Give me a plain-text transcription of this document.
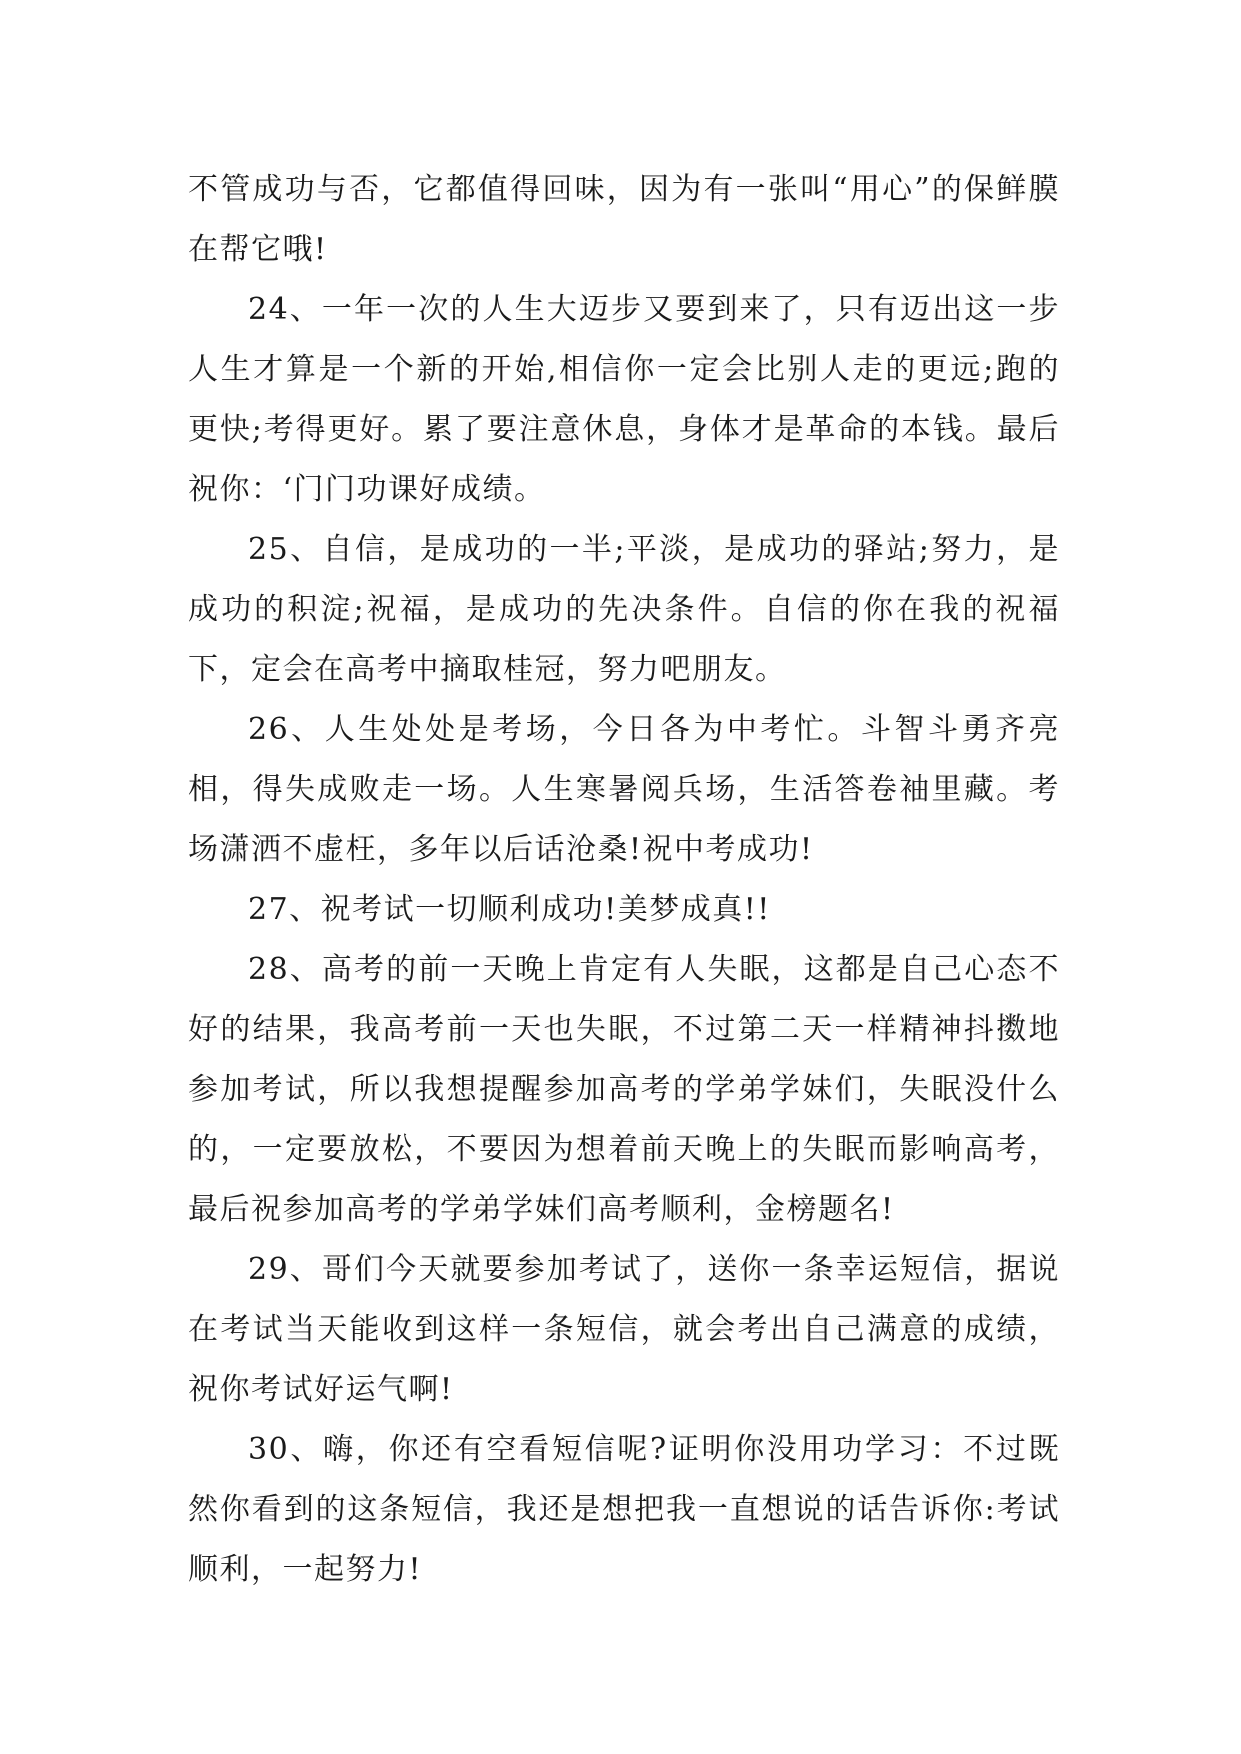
不管成功与否，它都值得回味，因为有一张叫“用心”的保鲜膜在帮它哦!

24、一年一次的人生大迈步又要到来了，只有迈出这一步人生才算是一个新的开始,相信你一定会比别人走的更远;跑的更快;考得更好。累了要注意休息，身体才是革命的本钱。最后祝你：‘门门功课好成绩。

25、自信，是成功的一半;平淡，是成功的驿站;努力，是成功的积淀;祝福，是成功的先决条件。自信的你在我的祝福下，定会在高考中摘取桂冠，努力吧朋友。

26、人生处处是考场，今日各为中考忙。斗智斗勇齐亮相，得失成败走一场。人生寒暑阅兵场，生活答卷袖里藏。考场潇洒不虚枉，多年以后话沧桑!祝中考成功!

27、祝考试一切顺利成功!美梦成真!!

28、高考的前一天晚上肯定有人失眠，这都是自己心态不好的结果，我高考前一天也失眠，不过第二天一样精神抖擞地参加考试，所以我想提醒参加高考的学弟学妹们，失眠没什么的，一定要放松，不要因为想着前天晚上的失眠而影响高考，最后祝参加高考的学弟学妹们高考顺利，金榜题名!

29、哥们今天就要参加考试了，送你一条幸运短信，据说在考试当天能收到这样一条短信，就会考出自己满意的成绩，祝你考试好运气啊!

30、嗨，你还有空看短信呢?证明你没用功学习：不过既然你看到的这条短信，我还是想把我一直想说的话告诉你:考试顺利，一起努力!
